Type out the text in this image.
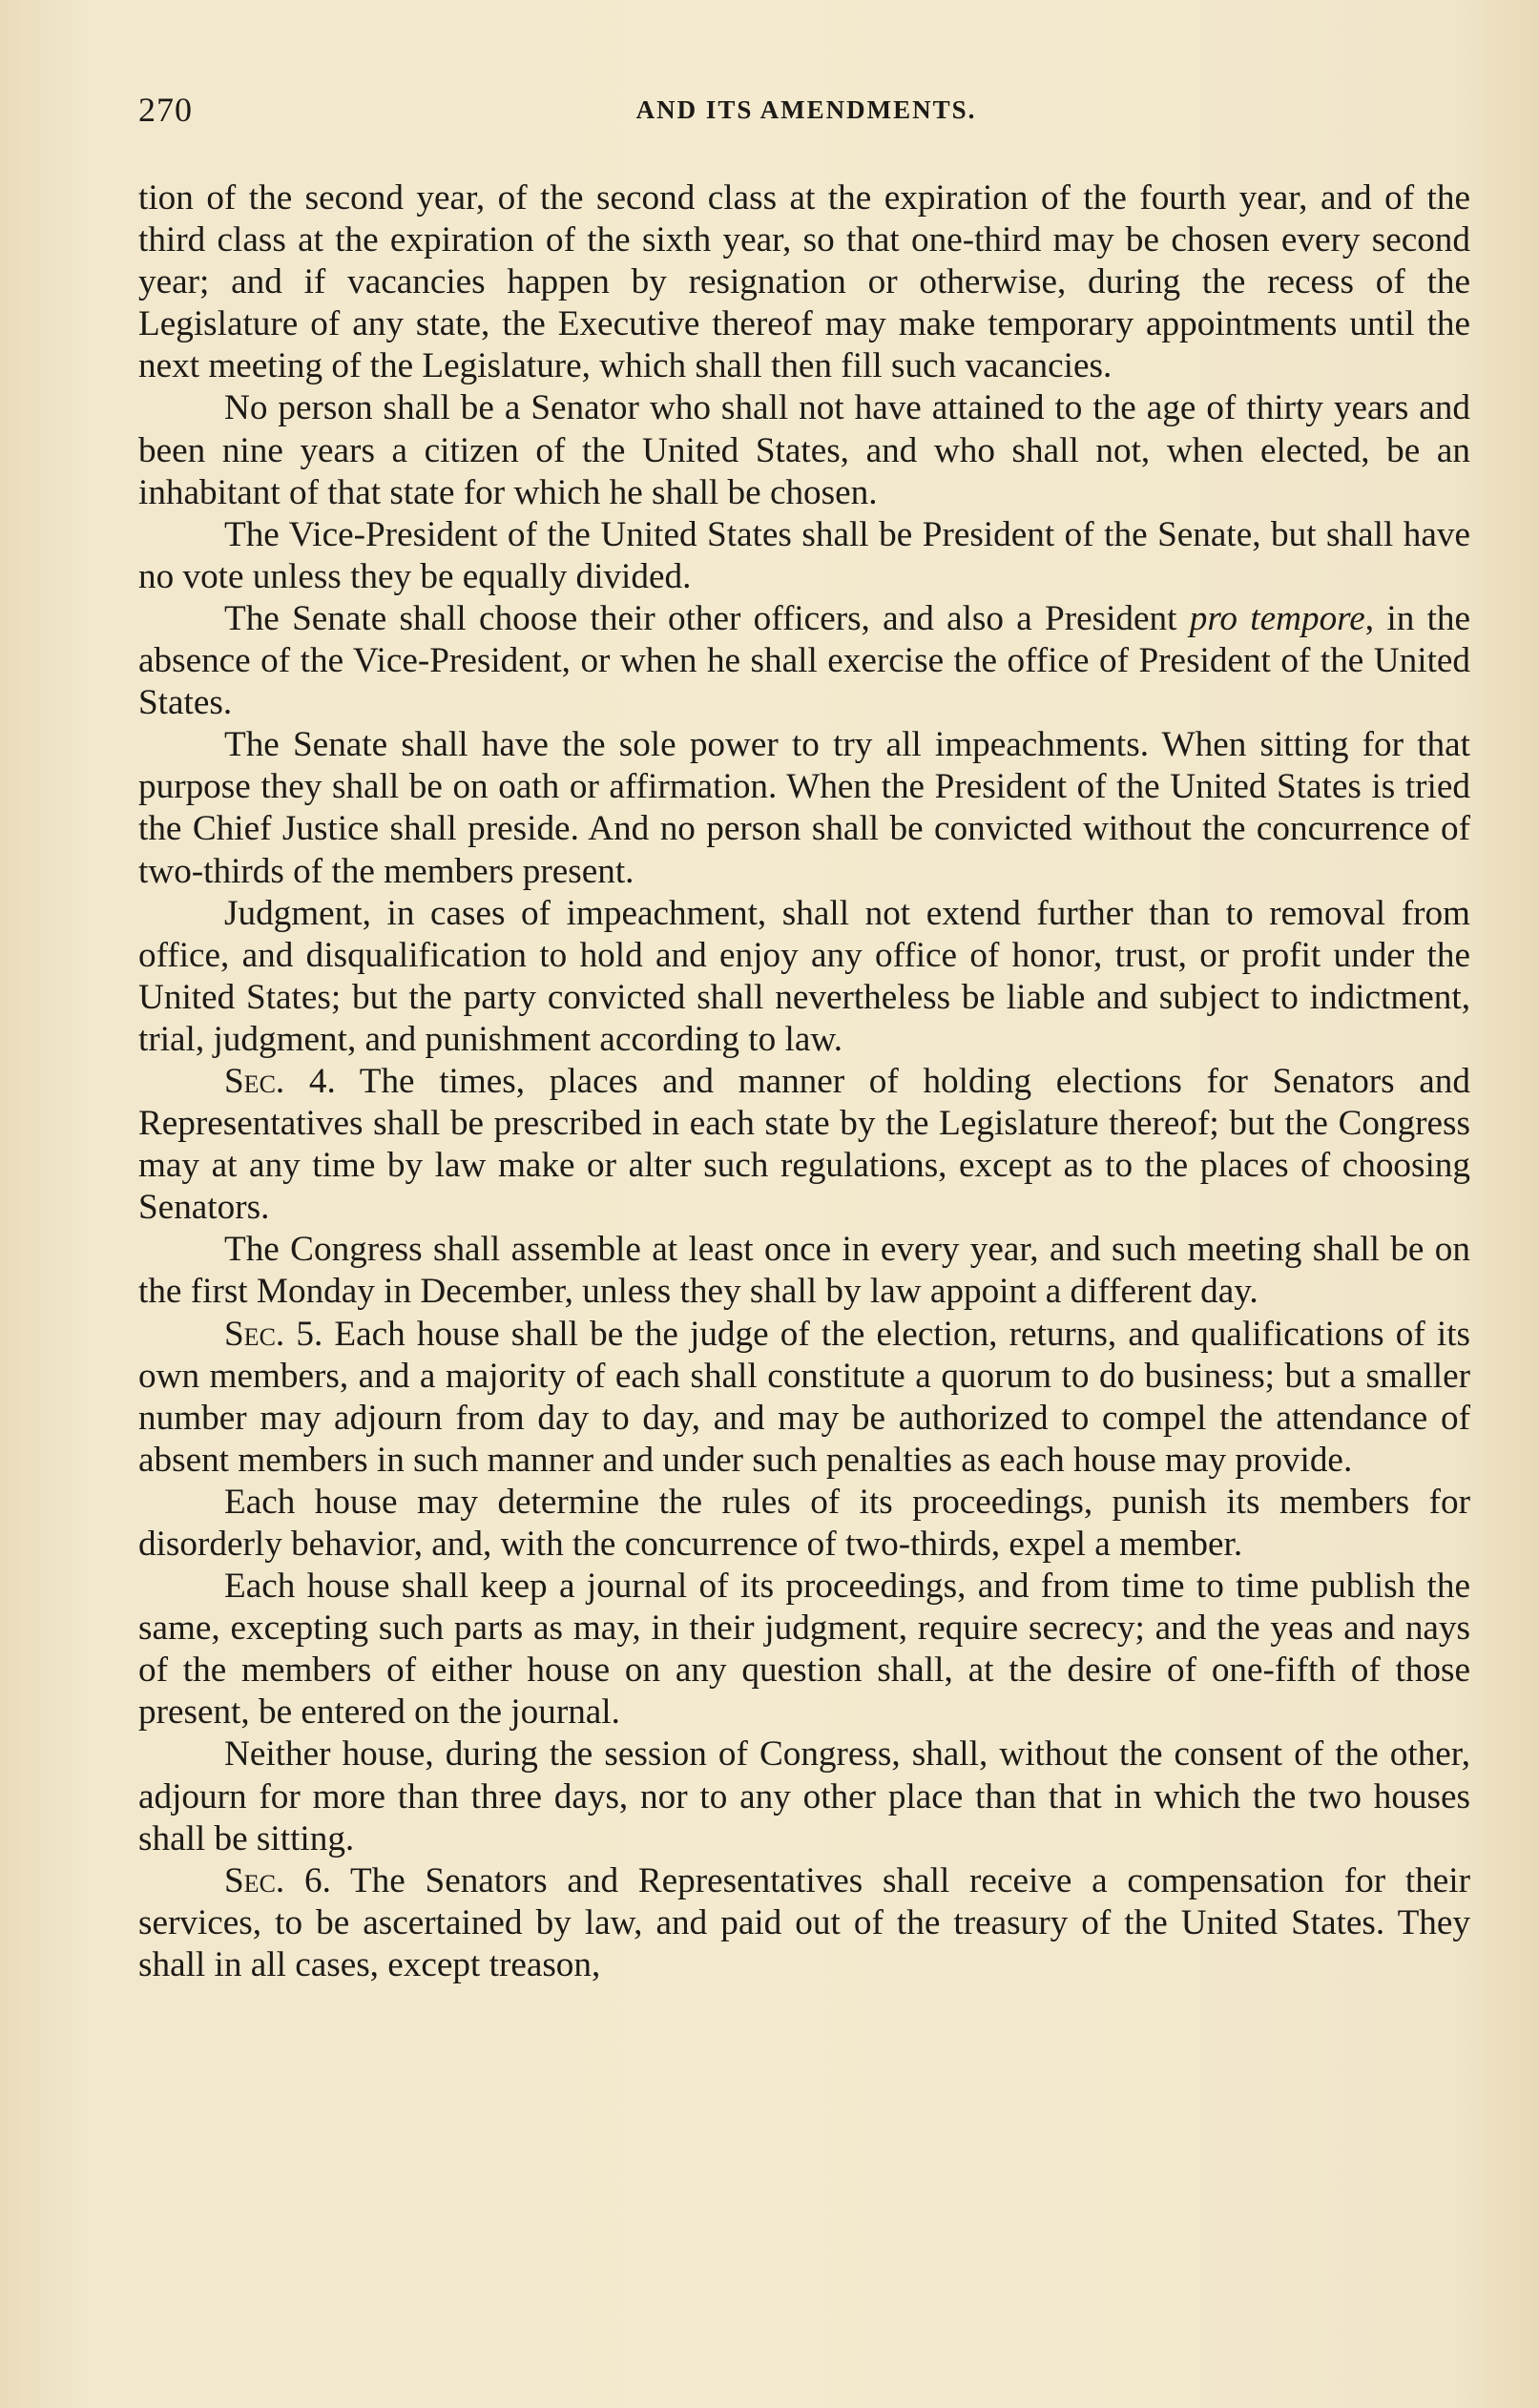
270	AND ITS AMENDMENTS.

tion of the second year, of the second class at the expiration of the fourth year, and of the third class at the expiration of the sixth year, so that one-third may be chosen every second year; and if vacancies happen by resignation or otherwise, during the recess of the Legislature of any state, the Executive thereof may make temporary appointments until the next meeting of the Legislature, which shall then fill such vacancies.

No person shall be a Senator who shall not have attained to the age of thirty years and been nine years a citizen of the United States, and who shall not, when elected, be an inhabitant of that state for which he shall be chosen.

The Vice-President of the United States shall be President of the Senate, but shall have no vote unless they be equally divided.

The Senate shall choose their other officers, and also a President pro tempore, in the absence of the Vice-President, or when he shall exercise the office of President of the United States.

The Senate shall have the sole power to try all impeachments. When sitting for that purpose they shall be on oath or affirmation. When the President of the United States is tried the Chief Justice shall preside. And no person shall be convicted without the concurrence of two-thirds of the members present.

Judgment, in cases of impeachment, shall not extend further than to removal from office, and disqualification to hold and enjoy any office of honor, trust, or profit under the United States; but the party convicted shall nevertheless be liable and subject to indictment, trial, judgment, and punishment according to law.

Sec. 4. The times, places and manner of holding elections for Senators and Representatives shall be prescribed in each state by the Legislature thereof; but the Congress may at any time by law make or alter such regulations, except as to the places of choosing Senators.

The Congress shall assemble at least once in every year, and such meeting shall be on the first Monday in December, unless they shall by law appoint a different day.

Sec. 5. Each house shall be the judge of the election, returns, and qualifications of its own members, and a majority of each shall constitute a quorum to do business; but a smaller number may adjourn from day to day, and may be authorized to compel the attendance of absent members in such manner and under such penalties as each house may provide.

Each house may determine the rules of its proceedings, punish its members for disorderly behavior, and, with the concurrence of two-thirds, expel a member.

Each house shall keep a journal of its proceedings, and from time to time publish the same, excepting such parts as may, in their judgment, require secrecy; and the yeas and nays of the members of either house on any question shall, at the desire of one-fifth of those present, be entered on the journal.

Neither house, during the session of Congress, shall, without the consent of the other, adjourn for more than three days, nor to any other place than that in which the two houses shall be sitting.

Sec. 6. The Senators and Representatives shall receive a compensation for their services, to be ascertained by law, and paid out of the treasury of the United States. They shall in all cases, except treason,
